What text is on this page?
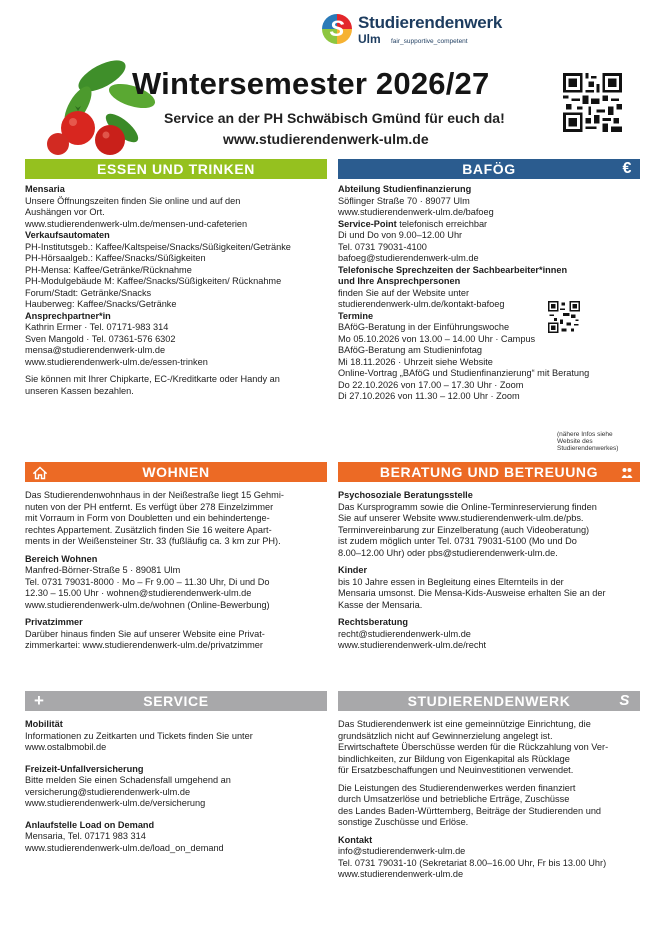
S Studierendenwerk
Ulm fair_supportive_competent
Wintersemester 2026/27
Service an der PH Schwäbisch Gmünd für euch da!
www.studierendenwerk-ulm.de
ESSEN UND TRINKEN	BAFÖG	€
WOHNEN	BERATUNG UND BETREUUNG
SERVICE
+	STUDIERENDENWERK	S
Mensaria
Unsere Öffnungszeiten finden Sie online und auf den
Aushängen vor Ort.
www.studierendenwerk-ulm.de/mensen-und-cafeterien
Verkaufsautomaten
PH-Institutsgeb.: Kaffee/Kaltspeise/Snacks/Süßigkeiten/Getränke
PH-Hörsaalgeb.: Kaffee/Snacks/Süßigkeiten
PH-Mensa: Kaffee/Getränke/Rücknahme
PH-Modulgebäude M: Kaffee/Snacks/Süßigkeiten/ Rücknahme
Forum/Stadt: Getränke/Snacks
Hauberweg: Kaffee/Snacks/Getränke
Ansprechpartner*in
Kathrin Ermer · Tel. 07171-983 314
Sven Mangold · Tel. 07361-576 6302
mensa@studierendenwerk-ulm.de
www.studierendenwerk-ulm.de/essen-trinken
Sie können mit Ihrer Chipkarte, EC-/Kreditkarte oder Handy an
unseren Kassen bezahlen.
Abteilung Studienfinanzierung
Söflinger Straße 70 · 89077 Ulm
www.studierendenwerk-ulm.de/bafoeg
Service-Point telefonisch erreichbar
Di und Do von 9.00–12.00 Uhr
Tel. 0731 79031-4100
bafoeg@studierendenwerk-ulm.de
Telefonische Sprechzeiten der Sachbearbeiter*innen
und Ihre Ansprechpersonen
finden Sie auf der Website unter
studierendenwerk-ulm.de/kontakt-bafoeg
Termine
BAföG-Beratung in der Einführungswoche
Mo 05.10.2026 von 13.00 – 14.00 Uhr · Campus
BAföG-Beratung am Studieninfotag
Mi 18.11.2026 · Uhrzeit siehe Website
Online-Vortrag „BAföG und Studienfinanzierung“ mit Beratung
Do 22.10.2026 von 17.00 – 17.30 Uhr · Zoom
Di 27.10.2026 von 11.30 – 12.00 Uhr · Zoom
Das Studierendenwohnhaus in der Neißestraße liegt 15 Gehmi-
nuten von der PH entfernt. Es verfügt über 278 Einzelzimmer
mit Vorraum in Form von Doubletten und ein behindertenge-
rechtes Appartement. Zusätzlich finden Sie 16 weitere Apart-
ments in der Weißensteiner Str. 33 (fußläufig ca. 3 km zur PH).
Bereich Wohnen
Manfred-Börner-Straße 5 · 89081 Ulm
Tel. 0731 79031-8000 · Mo – Fr 9.00 – 11.30 Uhr, Di und Do
12.30 – 15.00 Uhr · wohnen@studierendenwerk-ulm.de
www.studierendenwerk-ulm.de/wohnen (Online-Bewerbung)
Privatzimmer
Darüber hinaus finden Sie auf unserer Website eine Privat-
zimmerkartei: www.studierendenwerk-ulm.de/privatzimmer
Psychosoziale Beratungsstelle
Das Kursprogramm sowie die Online-Terminreservierung finden
Sie auf unserer Website www.studierendenwerk-ulm.de/pbs.
Terminvereinbarung zur Einzelberatung (auch Videoberatung)
ist zudem möglich unter Tel. 0731 79031-5100 (Mo und Do
8.00–12.00 Uhr) oder pbs@studierendenwerk-ulm.de.
Kinder
bis 10 Jahre essen in Begleitung eines Elternteils in der
Mensaria umsonst. Die Mensa-Kids-Ausweise erhalten Sie an der
Kasse der Mensaria.
Rechtsberatung
recht@studierendenwerk-ulm.de
www.studierendenwerk-ulm.de/recht
Mobilität
Informationen zu Zeitkarten und Tickets finden Sie unter
www.ostalbmobil.de
Freizeit-Unfallversicherung
Bitte melden Sie einen Schadensfall umgehend an
versicherung@studierendenwerk-ulm.de
www.studierendenwerk-ulm.de/versicherung
Anlaufstelle Load on Demand
Mensaria, Tel. 07171 983 314
www.studierendenwerk-ulm.de/load_on_demand
Das Studierendenwerk ist eine gemeinnützige Einrichtung, die
grundsätzlich nicht auf Gewinnerzielung angelegt ist.
Erwirtschaftete Überschüsse werden für die Rückzahlung von Ver-
bindlichkeiten, zur Bildung von Eigenkapital als Rücklage
für Ersatzbeschaffungen und Neuinvestitionen verwendet.
Die Leistungen des Studierendenwerkes werden finanziert
durch Umsatzerlöse und betriebliche Erträge, Zuschüsse
des Landes Baden-Württemberg, Beiträge der Studierenden und
sonstige Zuschüsse und Erlöse.
Kontakt
info@studierendenwerk-ulm.de
Tel. 0731 79031-10 (Sekretariat 8.00–16.00 Uhr, Fr bis 13.00 Uhr)
www.studierendenwerk-ulm.de
(nähere Infos siehe Website des Studierendenwerkes)
